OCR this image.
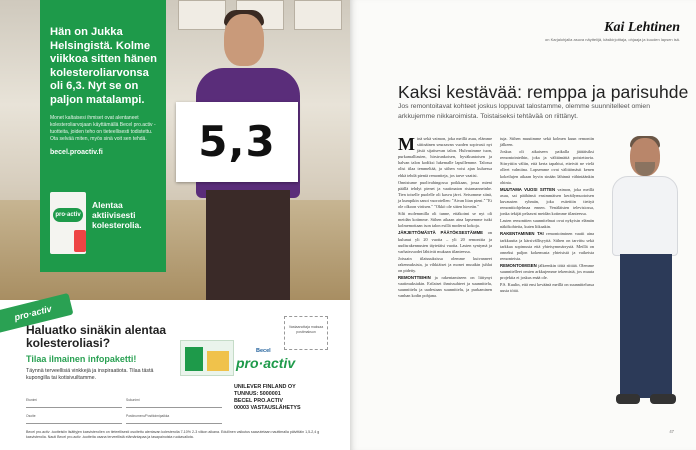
Hän on Jukka Helsingistä. Kolme viikkoa sitten hänen kolesteroliarvonsa oli 6,3. Nyt se on paljon matalampi.
Monet kaltaisesi ihmiset ovat alentaneet kolesteroliarvojaan käyttämällä Becel pro.activ -tuotteita, joiden teho on tieteellisesti todistettu. Ota selvää miten, myös sinä voit sen tehdä.
becel.proactiv.fi
pro·activ
Alentaa aktiivisesti kolesterolia.
5,3
pro·activ
Haluatko sinäkin alentaa kolesteroliasi?
Tilaa ilmainen infopaketti!
Täynnä terveellisiä vinkkejä ja inspiraatiota. Tilaa tästä kupongilla tai kotisivuiltamme.
Vastaanottaja maksaa postimaksun
Becel
pro·activ
UNILEVER FINLAND OY
TUNNUS: 5000001
BECEL PRO.ACTIV
00003 VASTAUSLÄHETYS
Etunimi	Sukunimi
Osoite	Postinumero/Postitoimipaikka
Becel pro.activ -tuotteisiin lisättyjen kasvisterolien on tieteellisesti osoitettu alentavan kolesterolia 7-10% 2-3 viikon aikana. Edullinen vaikutus saavutetaan nauttimalla päivittäin 1,5-2,4 g kasvisterolia. Nauti Becel pro.activ -tuotteita osana terveellistä elämäntapaa ja tasapainoista ruokavaliota.
Kai Lehtinen
on Karjalohjalla asuva näyttelijä, käsikirjoittaja, ohjaaja ja kuuden lapsen isä.
Kaksi kestävää: remppa ja parisuhde
Jos remontoitavat kohteet joskus loppuvat talostamme, olemme suunnitelleet omien arkkujemme nikkaroimista. Toistaiseksi tehtävää on riittänyt.

Minä sekä vaimon, joka meillä asuu, elämme siitinäinen seuraavan vuoden sopivasti nyt jäsiä sijaitsevan talon. Hulvasimme tuon, purkamalliasien, hirsirunkoisen, hyväkuntoisen ja halvan talon kodiksi lukemalle lapsillemme. Talossa olisi tilaa temmeltää, ja siihen voisi ajan kuluessa ehkä tehdä pieniä remontteja, jos tarve vaatisi.

Onnistume puolivahingossa poikkaan, jossa mieni päällä tehdyt pienet ja vaatimaton ristamanneinhe. Tien toiselle puolelle oli kasvu järvi. Seisomme siinä, ja kumpikin sanoi vuorotellen: "Aivan liian pieni." "Ei ole olkoon virtisen." "Okkö ole sitten hirveän."

Silti molemmilla oli tunne, ettäkoimi se nyt oli meidän kotimme. Siihen aikaan aina lapsemme tutki kolmemottaan ison talon esillä moderni kokoja.

JÄRJETTÖMÄSTÄ PÄÄTÖKSESTÄMME on kulunut yli 20 vuotta – yli 20 remonttia ja uudisrakennusten täytetäisi vuotta. Lasten syntymä ja varhaisvuodet lähtivät mukaan tilanteessa.

Joissain tilaisuuksissa olemme kuivanneet rakennuksista, ja vihkiäiset ja monet muutkin juhlat on pidetty.

REMONTTEIHIN ja rakentamiseen on liittynyt vaatimuksiakin. Erilaiset ihmissuhteet ja suunnittelu, suunnittelu ja uudestaan suunnittelu, ja purkaminen vanhan kodin pohjana.

tuja. Siihen muutimme sekä kolmen kuun remontin jälkeen.

Joskus oli aikaiseen paikalla jäätäisiksi remontointeihin, joka ja välttämättä poistettavia. Siirryttiin väliin, että kerta tapahtui, etteivät ne vielä olleet valmiina. Lapsemme ovat välittömästi kenen kokeilujen aikaan hyvin sinään lähinnä vähintäänkin ohinta.

MUUTAMA VUOSI SITTEN vaimon, joka meillä asuu, sai päähänsä ensimmäisen keräilymuotoisen kuvausten ryhmän, joka esitettiin tiettyä remonttiohjelmaa ennen. Venäläisten televisiossa, jonka tekijät pelaavat meidän kotimme tilanteessa.

Lasten remonttien suunnitelmat ovat nykyisin elämän näkökohteita, kuten liikaakin.

RAKENTAMINEN TAI remontoiminen vaatii aina tarkkuutta ja kärsivällisyyttä. Siihen on tarvittu sekä tarkkaa sopimusta että yhteisymmärrystä. Meillä on onneksi paljon kokemusta yhteisistä ja vaikeista remonteista.

REMONTOIMISEN jälkeenkin töitä riittää. Olemme suunnitelleet omien arkkujemme tekemistä, jos muuta projektia ei joskus enää ole.

P.S. Kuulin, että ensi keväänä meillä on suunnittelussa uusia töitä.

47
